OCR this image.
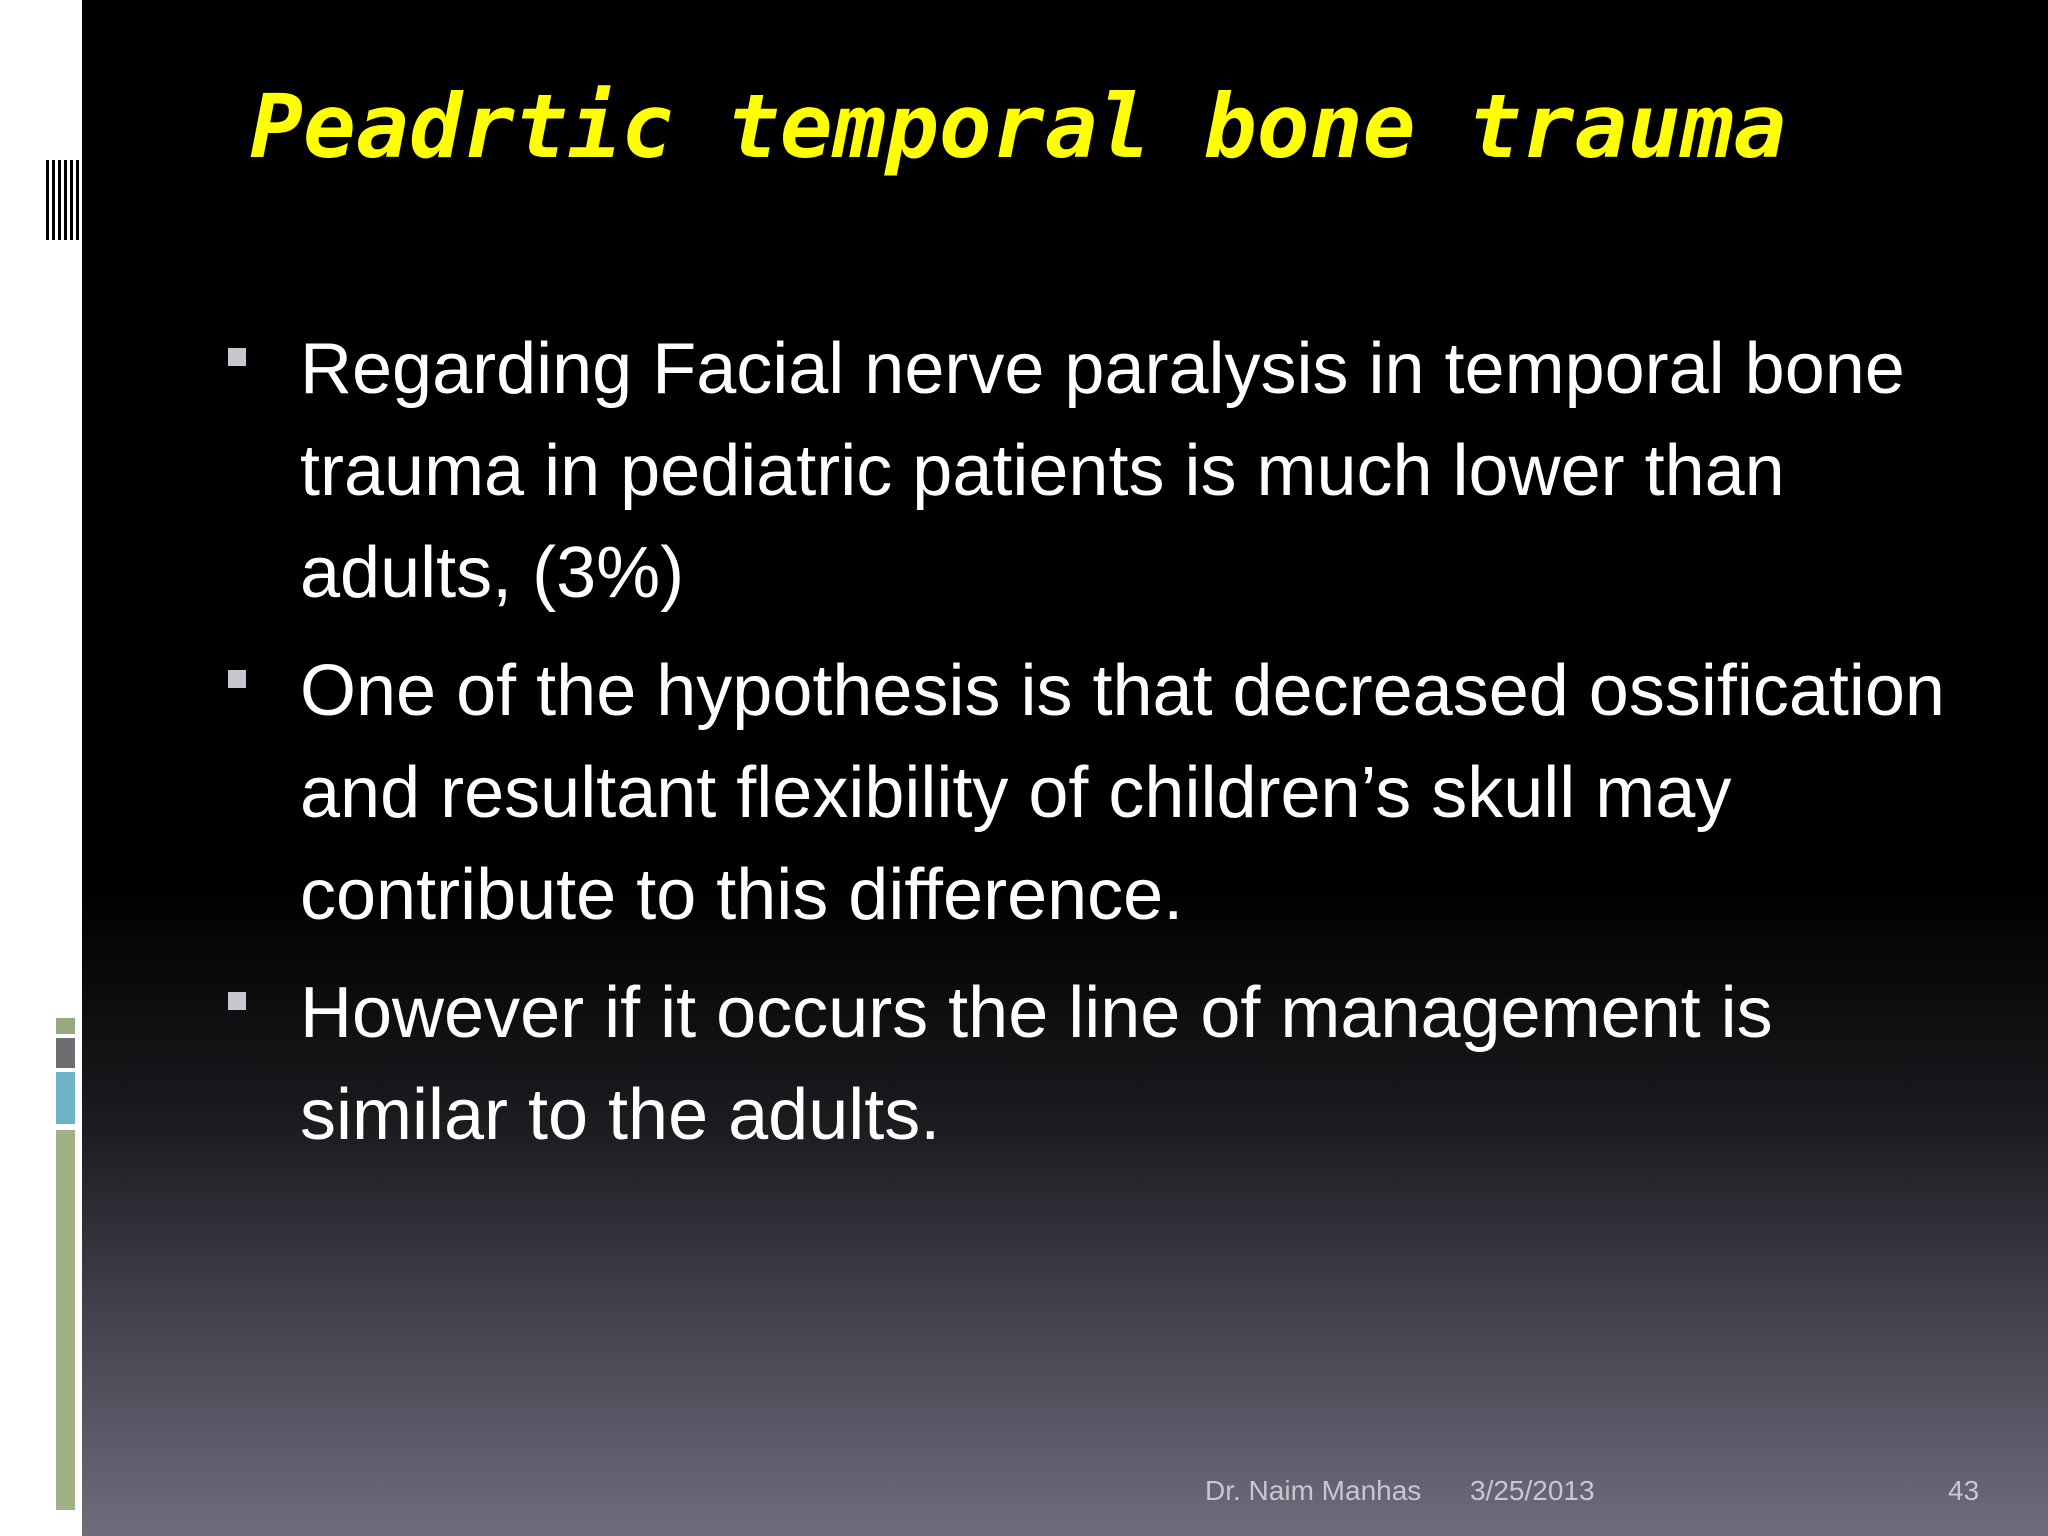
Peadrtic temporal bone trauma
Regarding Facial nerve paralysis in temporal bone trauma in pediatric patients is much lower than adults, (3%)
One of the hypothesis is that decreased ossification and resultant flexibility of children’s skull may contribute to this difference.
However if it occurs the line of management is similar to the adults.
Dr. Naim Manhas 3/25/2013	43
